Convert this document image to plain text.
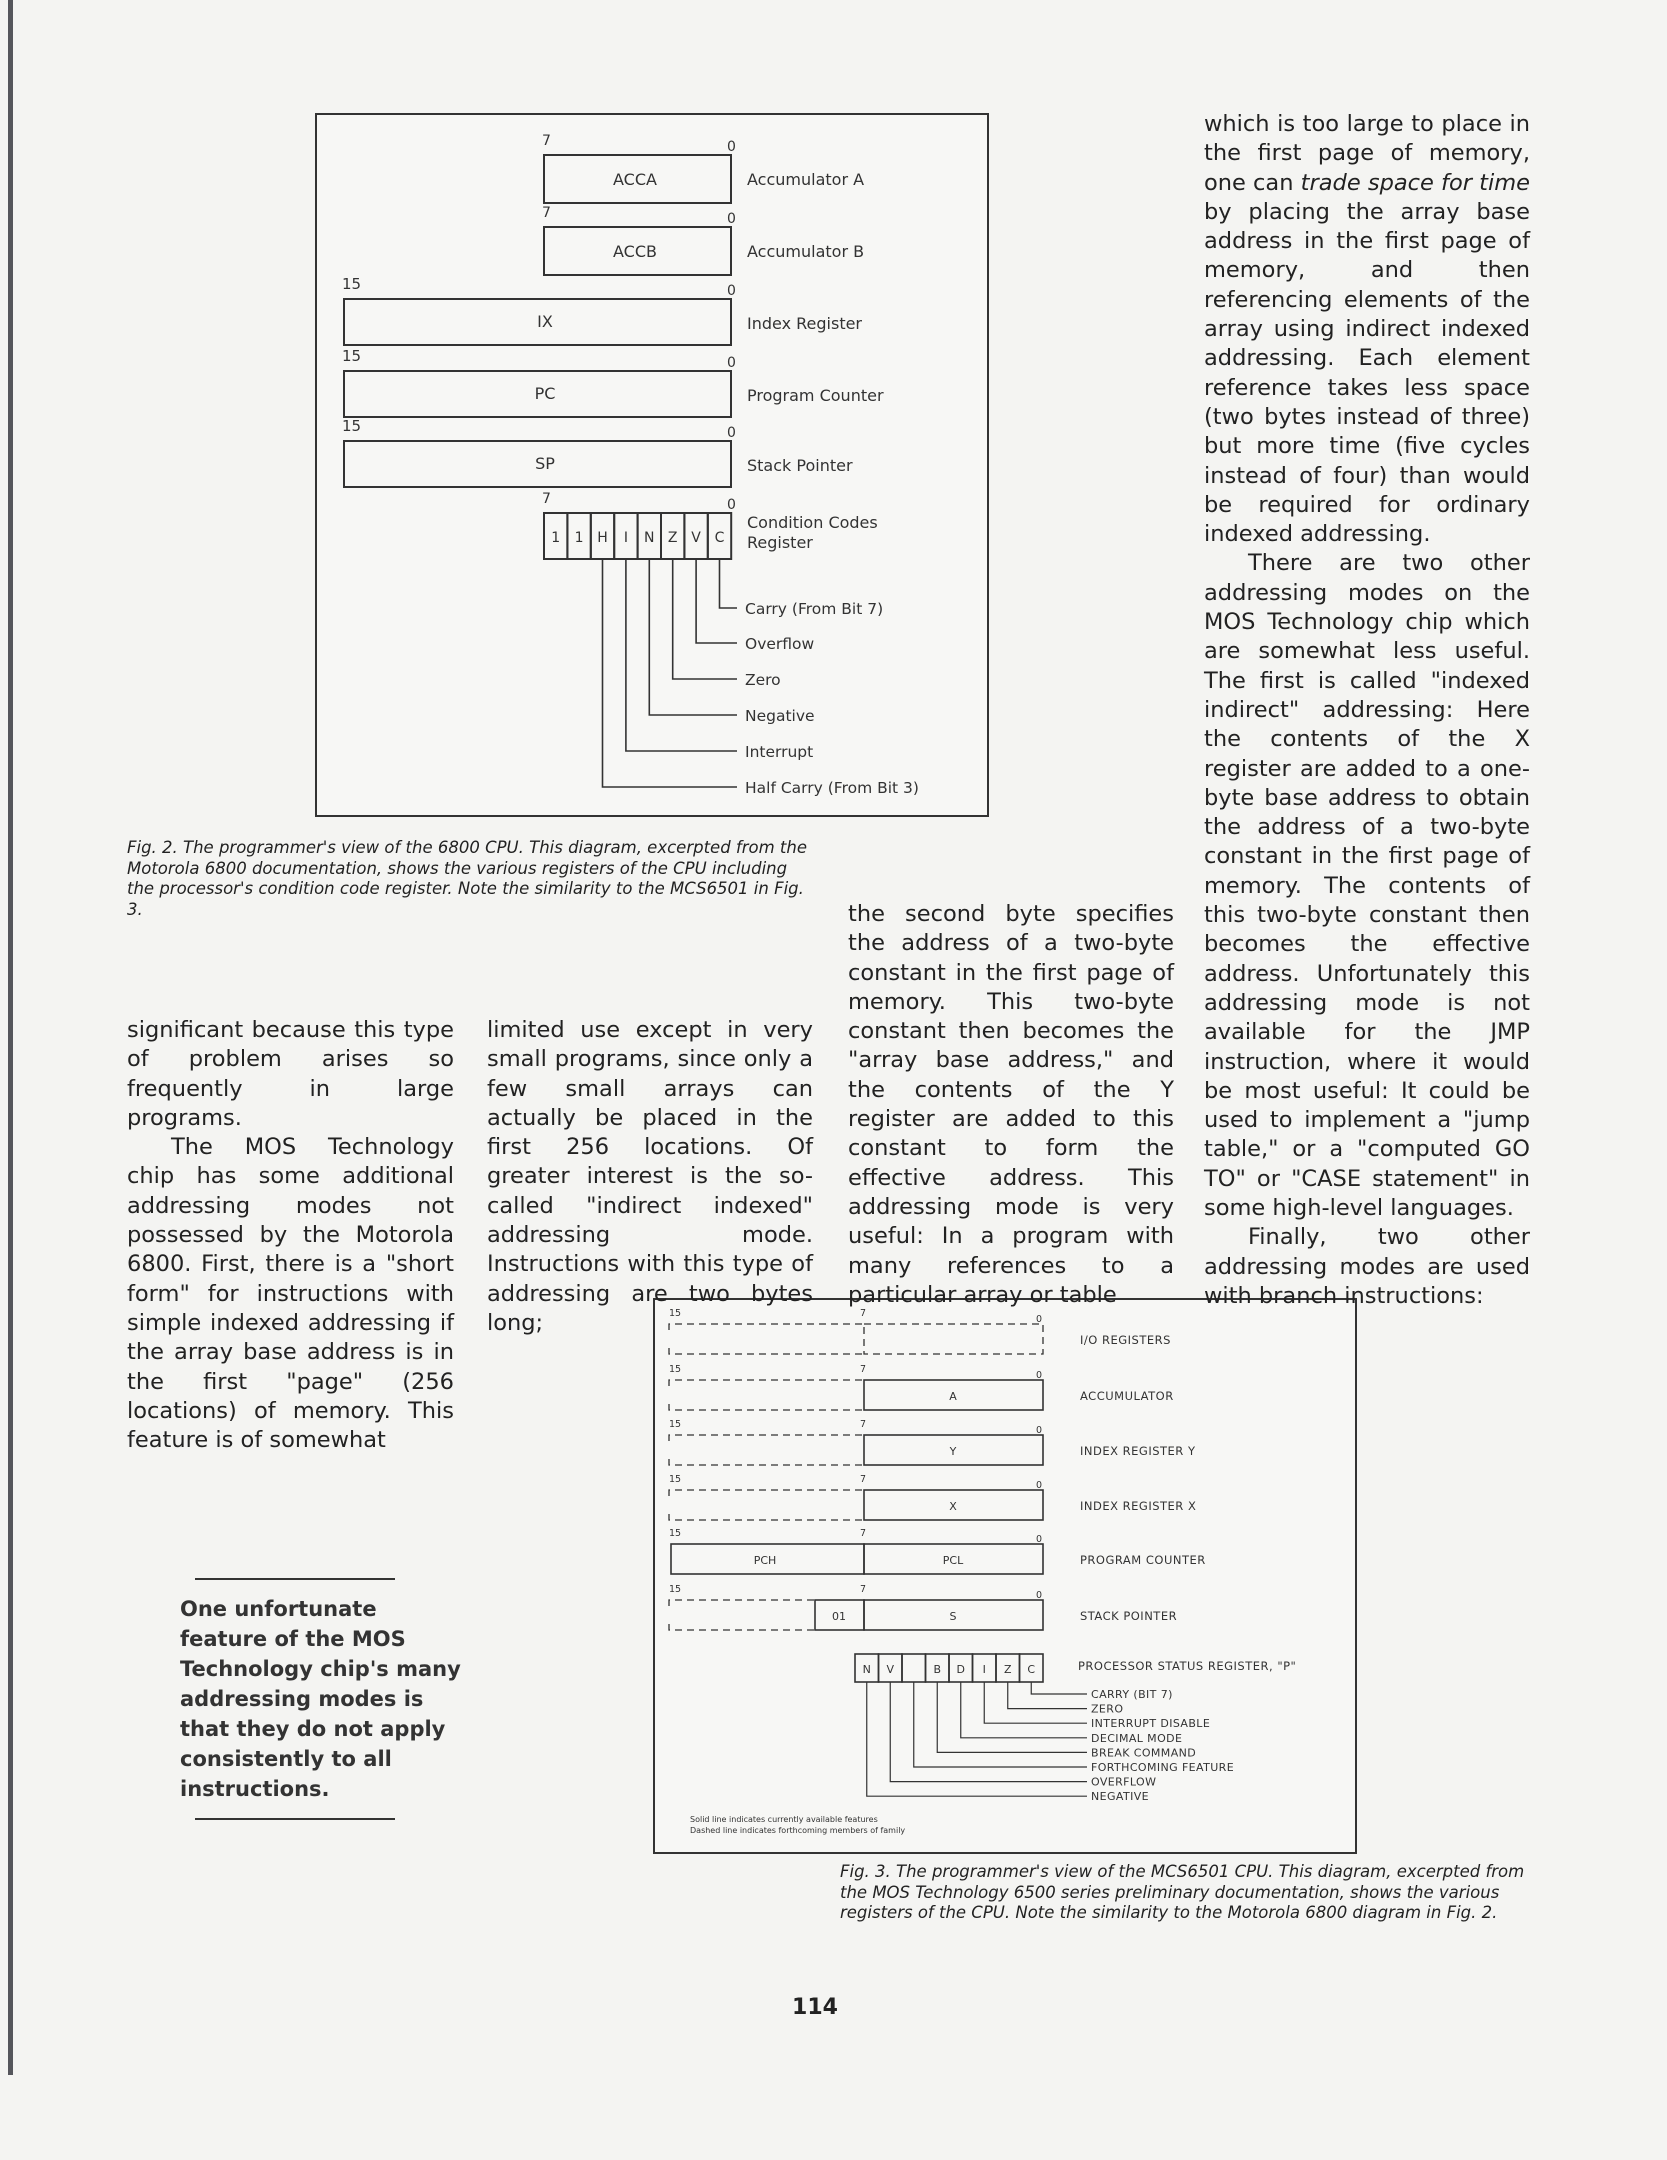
7	0
ACCA	Accumulator A
7	0
ACCB	Accumulator B
15	0
IX	Index Register
15	0
PC	Program Counter
15	0
SP	Stack Pointer
7	0
1 1 H I N Z V C
Condition Codes
Register
Carry (From Bit 7)
Overflow
Zero
Negative
Interrupt
Half Carry (From Bit 3)
Fig. 2. The programmer's view of the 6800 CPU. This diagram, excerpted from the Motorola 6800 documentation, shows the various registers of the CPU including the processor's condition code register. Note the similarity to the MCS6501 in Fig. 3.
15	7
0
I/O REGISTERS
15	7
0
A	ACCUMULATOR
15	7
0
Y	INDEX REGISTER Y
15	7
0
X	INDEX REGISTER X
15	7
0
PCH	PCL	PROGRAM COUNTER
15	7
0
01	S	STACK POINTER
PROCESSOR STATUS REGISTER, "P"
N V	B D I Z C
CARRY (BIT 7)
ZERO
INTERRUPT DISABLE
DECIMAL MODE
BREAK COMMAND
FORTHCOMING FEATURE
OVERFLOW
NEGATIVE
Solid line indicates currently available features
Dashed line indicates forthcoming members of family
Fig. 3. The programmer's view of the MCS6501 CPU. This diagram, excerpted from the MOS Technology 6500 series preliminary documentation, shows the various registers of the CPU. Note the similarity to the Motorola 6800 diagram in Fig. 2.

significant because this type of problem arises so frequently in large programs.

The MOS Technology chip has some additional addressing modes not possessed by the Motorola 6800. First, there is a "short form" for instructions with simple indexed addressing if the array base address is in the first "page" (256 locations) of memory. This feature is of somewhat

limited use except in very small programs, since only a few small arrays can actually be placed in the first 256 locations. Of greater interest is the so-called "indirect indexed" addressing mode. Instructions with this type of addressing are two bytes long;

the second byte specifies the address of a two-byte constant in the first page of memory. This two-byte constant then becomes the "array base address," and the contents of the Y register are added to this constant to form the effective address. This addressing mode is very useful: In a program with many references to a particular array or table

which is too large to place in the first page of memory, one can trade space for time by placing the array base address in the first page of memory, and then referencing elements of the array using indirect indexed addressing. Each element reference takes less space (two bytes instead of three) but more time (five cycles instead of four) than would be required for ordinary indexed addressing.

There are two other addressing modes on the MOS Technology chip which are somewhat less useful. The first is called "indexed indirect" addressing: Here the contents of the X register are added to a one-byte base address to obtain the address of a two-byte constant in the first page of memory. The contents of this two-byte constant then becomes the effective address. Unfortunately this addressing mode is not available for the JMP instruction, where it would be most useful: It could be used to implement a "jump table," or a "computed GO TO" or "CASE statement" in some high-level languages.

Finally, two other addressing modes are used with branch instructions:

One unfortunate feature of the MOS Technology chip's many addressing modes is that they do not apply consistently to all instructions.
114
